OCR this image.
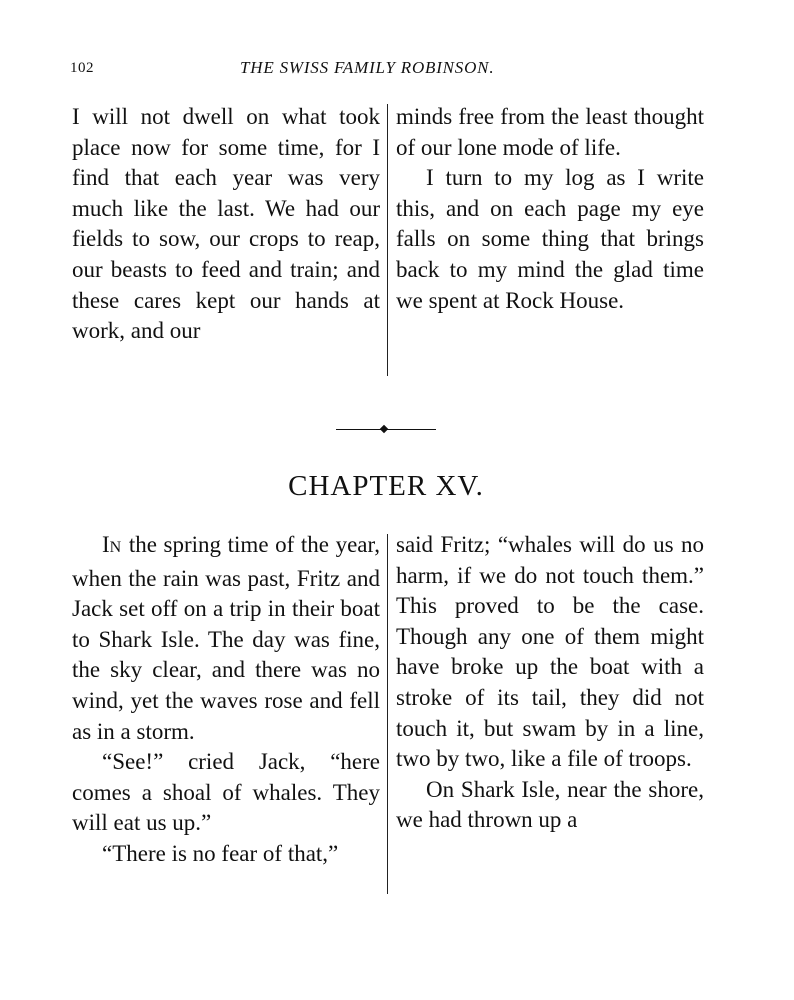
102	THE SWISS FAMILY ROBINSON.

I will not dwell on what took place now for some time, for I find that each year was very much like the last. We had our fields to sow, our crops to reap, our beasts to feed and train; and these cares kept our hands at work, and our

minds free from the least thought of our lone mode of life.

I turn to my log as I write this, and on each page my eye falls on some thing that brings back to my mind the glad time we spent at Rock House.

CHAPTER XV.

IN the spring time of the year, when the rain was past, Fritz and Jack set off on a trip in their boat to Shark Isle. The day was fine, the sky clear, and there was no wind, yet the waves rose and fell as in a storm.

“See!” cried Jack, “here comes a shoal of whales. They will eat us up.”

“There is no fear of that,”

said Fritz; “whales will do us no harm, if we do not touch them.” This proved to be the case. Though any one of them might have broke up the boat with a stroke of its tail, they did not touch it, but swam by in a line, two by two, like a file of troops.

On Shark Isle, near the shore, we had thrown up a
